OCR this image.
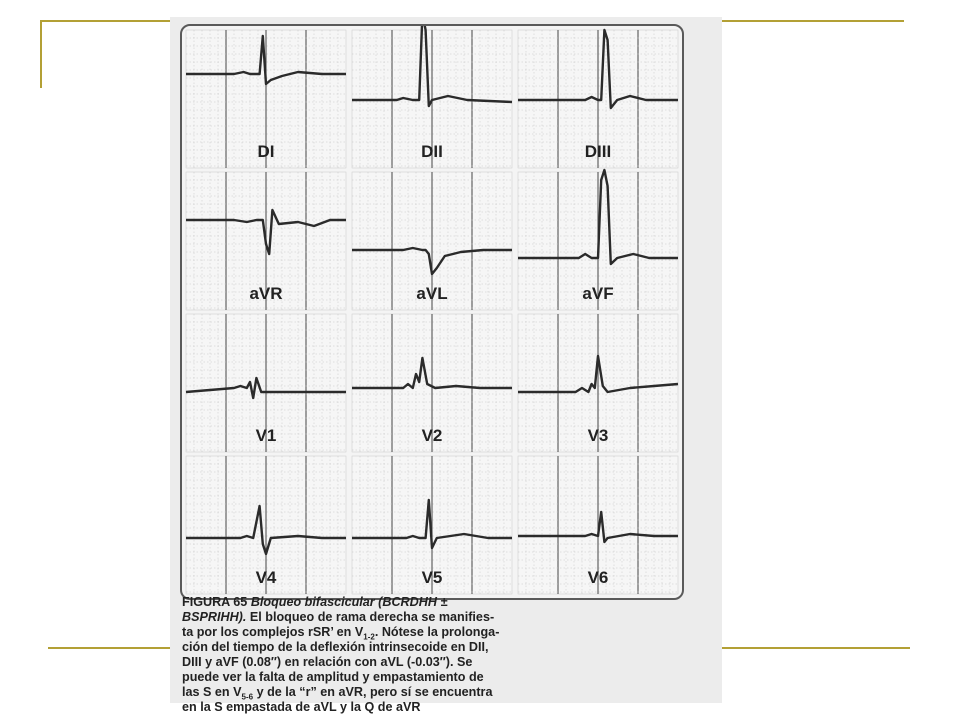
DI	DII	DIII
aVR	aVL	aVF
V1	V2	V3
V4	V5	V6
FIGURA 65 Bloqueo bifascicular (BCRDHH ±
BSPRIHH). El bloqueo de rama derecha se manifies-
ta por los complejos rSR’ en $V_{1-2}$. Nótese la prolonga-
ción del tiempo de la deflexión intrinsecoide en DII,
DIII y aVF (0.08″) en relación con aVL (-0.03″). Se
puede ver la falta de amplitud y empastamiento de
las S en $V_{5-6}$ y de la “r” en aVR, pero sí se encuentra
en la S empastada de aVL y la Q de aVR
